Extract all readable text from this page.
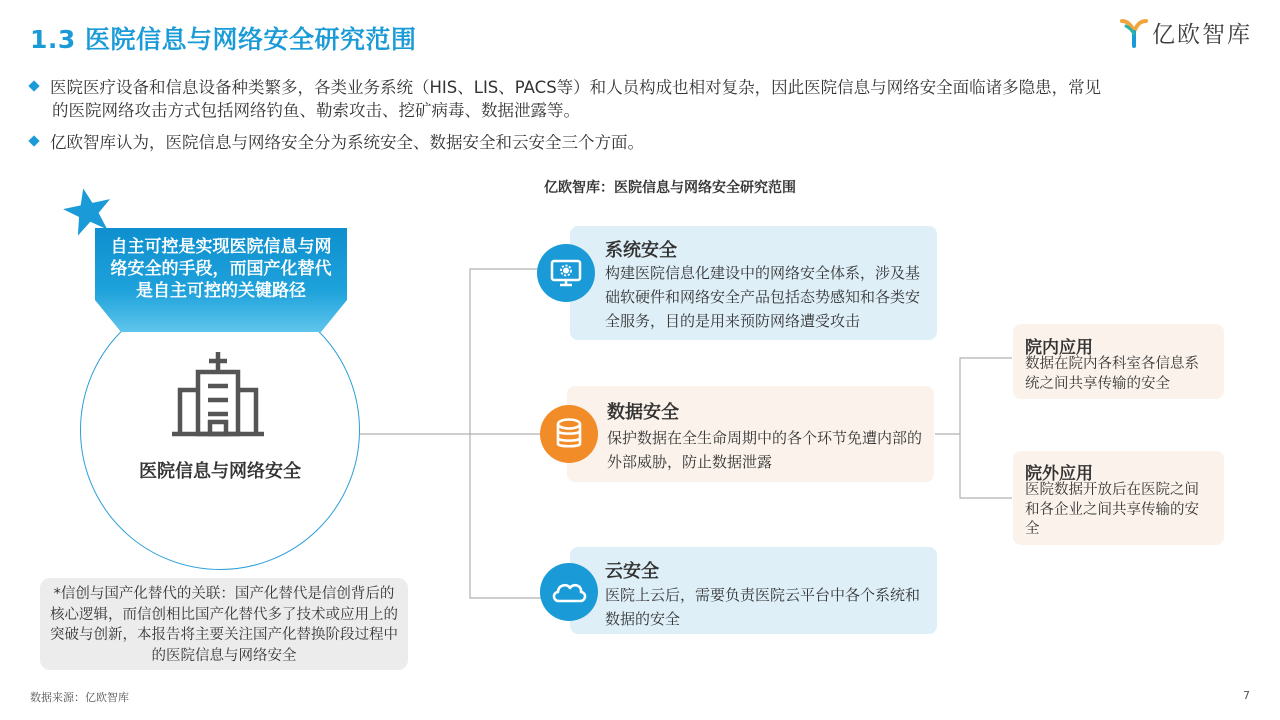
1.3 医院信息与网络安全研究范围	亿欧智库
医院医疗设备和信息设备种类繁多，各类业务系统（HIS、LIS、PACS等）和人员构成也相对复杂，因此医院信息与网络安全面临诸多隐患，常见
的医院网络攻击方式包括网络钓鱼、勒索攻击、挖矿病毒、数据泄露等。
亿欧智库认为，医院信息与网络安全分为系统安全、数据安全和云安全三个方面。
亿欧智库：医院信息与网络安全研究范围
自主可控是实现医院信息与网络安全的手段，而国产化替代是自主可控的关键路径
医院信息与网络安全
*信创与国产化替代的关联：国产化替代是信创背后的核心逻辑，而信创相比国产化替代多了技术或应用上的突破与创新，本报告将主要关注国产化替换阶段过程中的医院信息与网络安全
系统安全
构建医院信息化建设中的网络安全体系，涉及基础软硬件和网络安全产品包括态势感知和各类安全服务，目的是用来预防网络遭受攻击
数据安全
保护数据在全生命周期中的各个环节免遭内部的外部威胁，防止数据泄露
云安全
医院上云后，需要负责医院云平台中各个系统和数据的安全
院内应用
数据在院内各科室各信息系统之间共享传输的安全
院外应用
医院数据开放后在医院之间和各企业之间共享传输的安全
数据来源：亿欧智库	7
